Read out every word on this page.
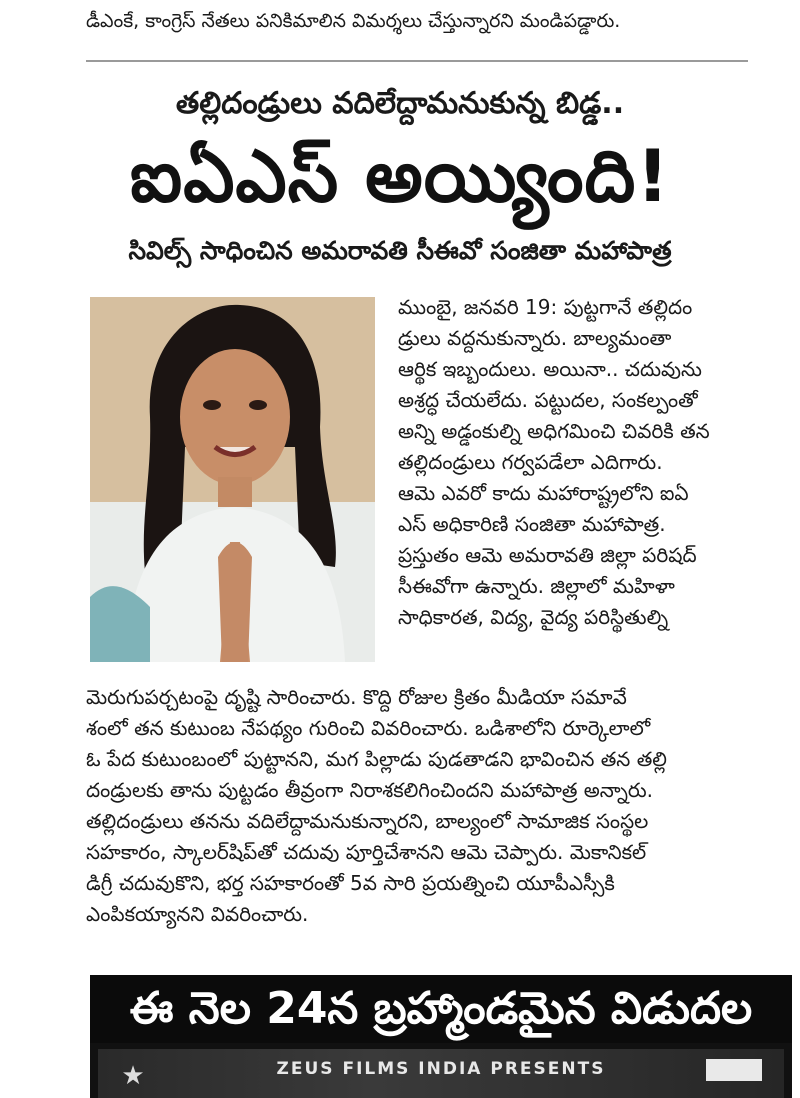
డీఎంకే, కాంగ్రెస్ నేతలు పనికిమాలిన విమర్శలు చేస్తున్నారని మండిపడ్డారు.
తల్లిదండ్రులు వదిలేద్దామనుకున్న బిడ్డ..
ఐఏఎస్ అయ్యింది!
సివిల్స్ సాధించిన అమరావతి సీఈవో సంజితా మహాపాత్ర

ముంబై, జనవరి 19: పుట్టగానే తల్లిదం

డ్రులు వద్దనుకున్నారు. బాల్యమంతా

ఆర్థిక ఇబ్బందులు. అయినా.. చదువును

అశ్రద్ధ చేయలేదు. పట్టుదల, సంకల్పంతో

అన్ని అడ్డంకుల్ని అధిగమించి చివరికి తన

తల్లిదండ్రులు గర్వపడేలా ఎదిగారు.

ఆమె ఎవరో కాదు మహారాష్ట్రలోని ఐఏ

ఎస్ అధికారిణి సంజితా మహాపాత్ర.

ప్రస్తుతం ఆమె అమరావతి జిల్లా పరిషద్

సీఈవోగా ఉన్నారు. జిల్లాలో మహిళా

సాధికారత, విద్య, వైద్య పరిస్థితుల్ని

మెరుగుపర్చటంపై దృష్టి సారించారు. కొద్ది రోజుల క్రితం మీడియా సమావే

శంలో తన కుటుంబ నేపథ్యం గురించి వివరించారు. ఒడిశాలోని రూర్కెలాలో

ఓ పేద కుటుంబంలో పుట్టానని, మగ పిల్లాడు పుడతాడని భావించిన తన తల్లి

దండ్రులకు తాను పుట్టడం తీవ్రంగా నిరాశకలిగించిందని మహాపాత్ర అన్నారు.

తల్లిదండ్రులు తనను వదిలేద్దామనుకున్నారని, బాల్యంలో సామాజిక సంస్థల

సహకారం, స్కాలర్‌షిప్‌తో చదువు పూర్తిచేశానని ఆమె చెప్పారు. మెకానికల్

డిగ్రీ చదువుకొని, భర్త సహకారంతో 5వ సారి ప్రయత్నించి యూపీఎస్సీకి

ఎంపికయ్యానని వివరించారు.

ఈ నెల 24న బ్రహ్మాండమైన విడుదల
★	ZEUS FILMS INDIA PRESENTS
